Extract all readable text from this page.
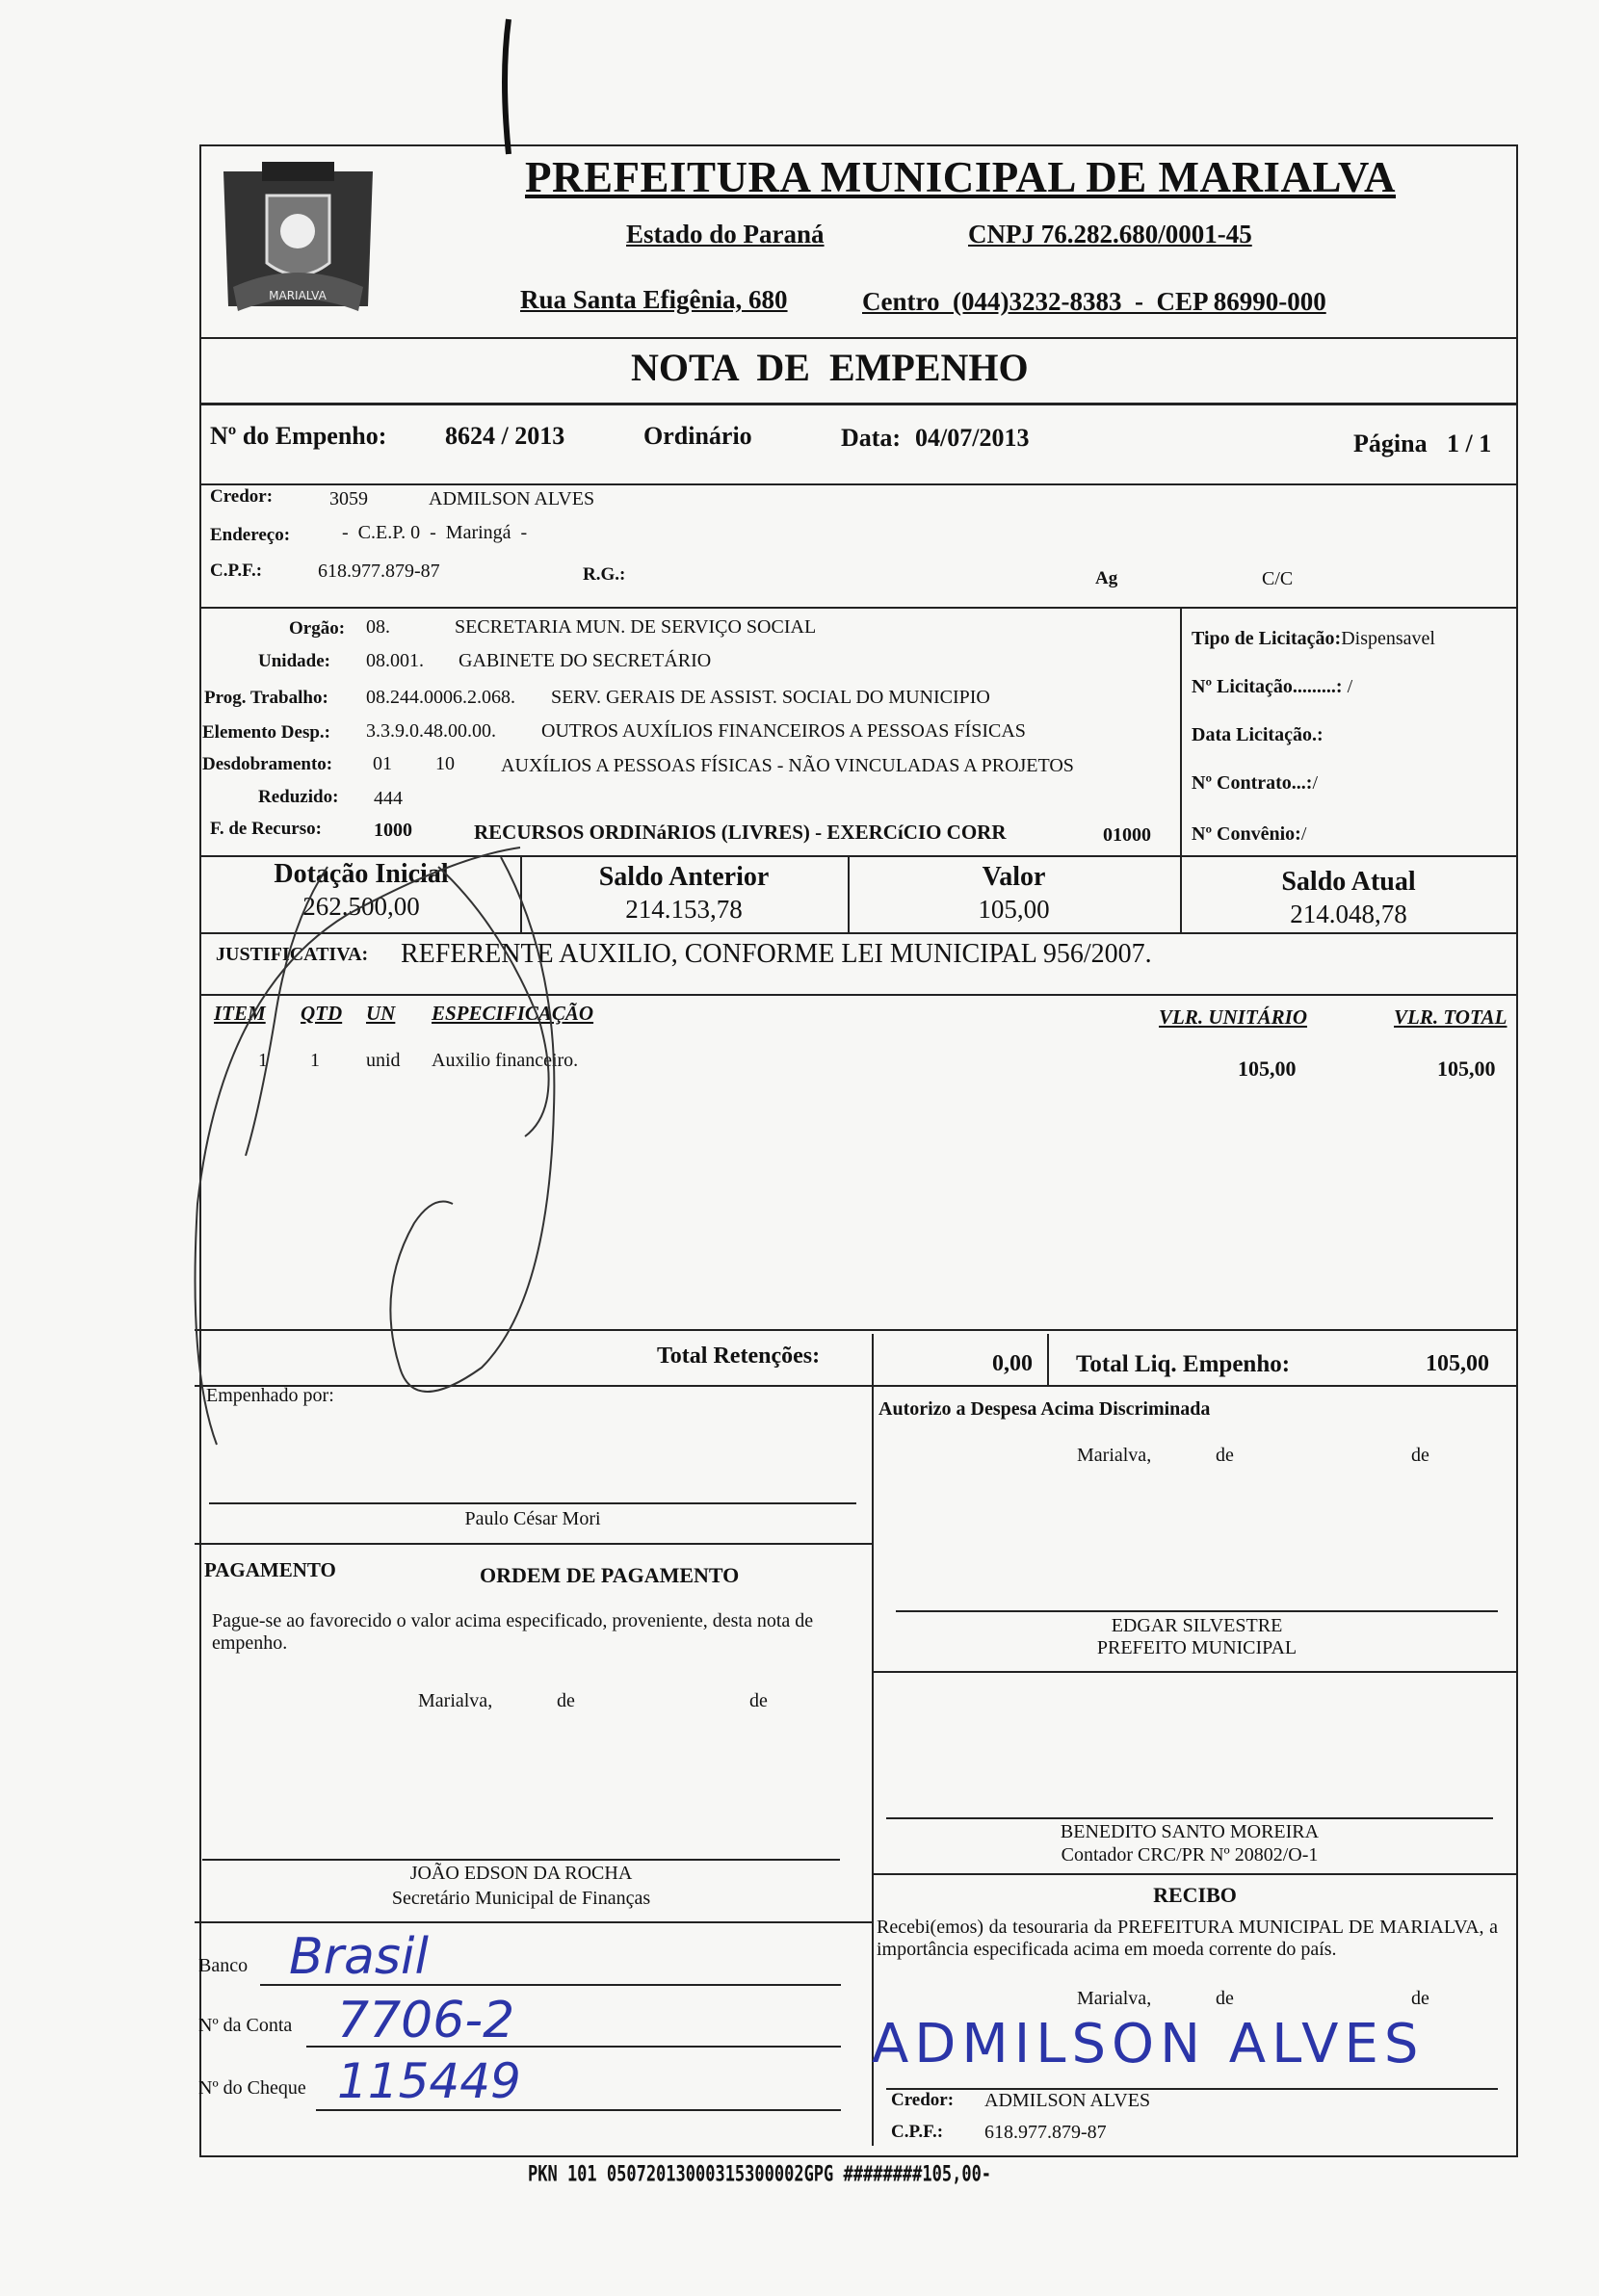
MARIALVA
PREFEITURA MUNICIPAL DE MARIALVA
Estado do Paraná	CNPJ 76.282.680/0001-45
Rua Santa Efigênia, 680	Centro  (044)3232-8383  -  CEP 86990-000
NOTA  DE  EMPENHO
Nº do Empenho: 8624 / 2013	Ordinário	Data: 04/07/2013	Página 1 / 1
Credor:	3059	ADMILSON ALVES
Endereço:	-  C.E.P. 0  -  Maringá  -
C.P.F.:	618.977.879-87	R.G.:	Ag	C/C
Orgão: 08.	SECRETARIA MUN. DE SERVIÇO SOCIAL
Unidade: 08.001. GABINETE DO SECRETÁRIO
Prog. Trabalho: 08.244.0006.2.068. SERV. GERAIS DE ASSIST. SOCIAL DO MUNICIPIO
Elemento Desp.: 3.3.9.0.48.00.00. OUTROS AUXÍLIOS FINANCEIROS A PESSOAS FÍSICAS
Desdobramento: 01 10 AUXÍLIOS A PESSOAS FÍSICAS - NÃO VINCULADAS A PROJETOS
Reduzido: 444
F. de Recurso:	1000	RECURSOS ORDINáRIOS (LIVRES) - EXERCíCIO CORR	01000
Tipo de Licitação:Dispensavel
Nº Licitação.........: /
Data Licitação.:
Nº Contrato...:/
Nº Convênio:/
Dotação Inicial
262.500,00
Saldo Anterior
214.153,78
Valor
105,00
Saldo Atual
214.048,78
JUSTIFICATIVA: REFERENTE AUXILIO, CONFORME LEI MUNICIPAL 956/2007.
ITEM QTD UN ESPECIFICAÇÃO	VLR. UNITÁRIO	VLR. TOTAL
1 1 unid Auxilio financeiro.	105,00	105,00
Total Retenções:	0,00 Total Liq. Empenho:	105,00
Empenhado por:
Paulo César Mori
Autorizo a Despesa Acima Discriminada
Marialva,	de	de
PAGAMENTO	ORDEM DE PAGAMENTO
Pague-se ao favorecido o valor acima especificado, proveniente, desta nota de empenho.
Marialva,	de	de
JOÃO EDSON DA ROCHA
Secretário Municipal de Finanças
EDGAR SILVESTRE
PREFEITO MUNICIPAL
BENEDITO SANTO MOREIRA
Contador CRC/PR Nº 20802/O-1
Banco Brasil
Nº da Conta 7706-2
Nº do Cheque 115449
RECIBO
Recebi(emos) da tesouraria da PREFEITURA MUNICIPAL DE MARIALVA, a importância especificada acima em moeda corrente do país.
Marialva,	de	de
ADMILSON ALVES
Credor: ADMILSON ALVES
C.P.F.: 618.977.879-87
PKN 101 05072013000315300002GPG ########105,00-
